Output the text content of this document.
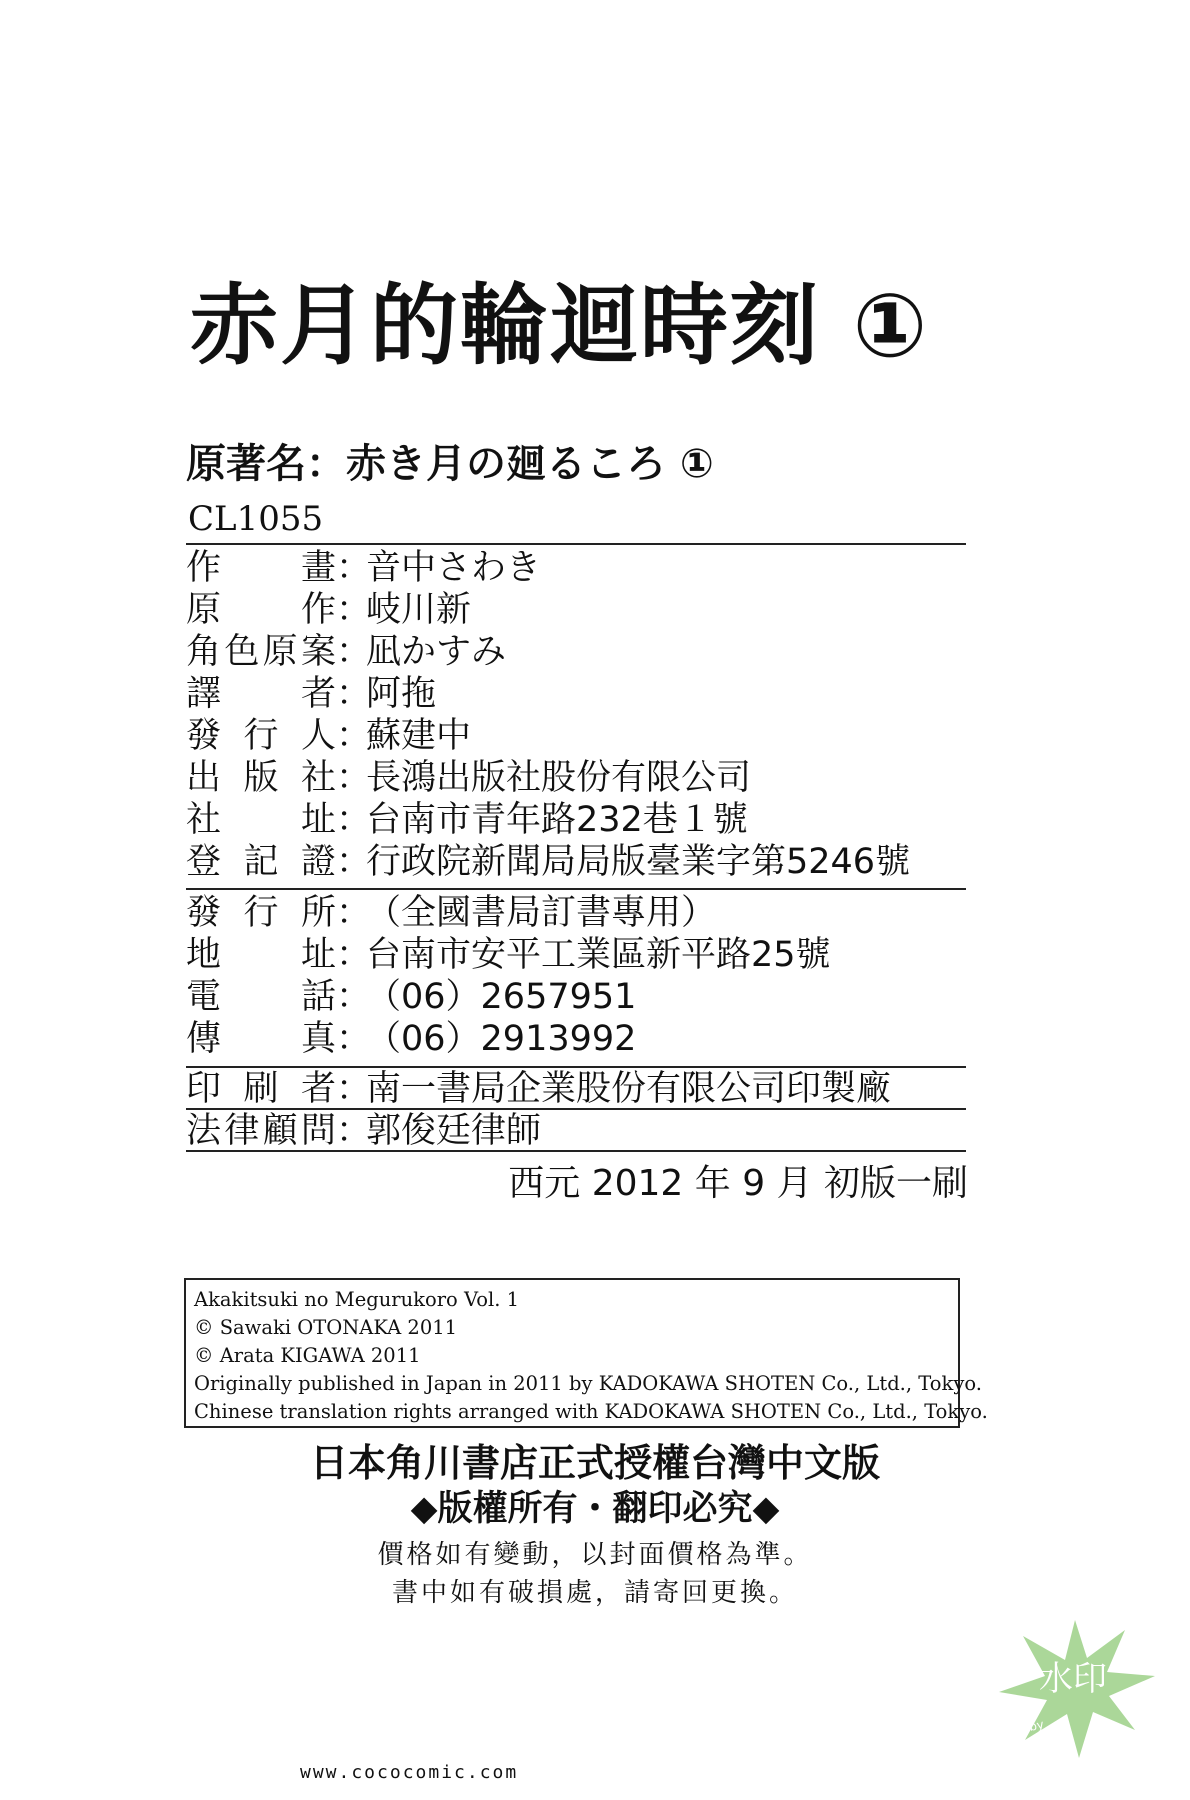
赤月的輪迴時刻 ①
原著名：赤き月の廻るころ ①
CL1055
作 畫 ：
音中さわき
原 作 ：
岐川新
角 色 原 案 ：
凪かすみ
譯 者 ：
阿拖
發 行 人 ：
蘇建中
出 版 社 ：
長鴻出版社股份有限公司
社 址 ：
台南市青年路232巷１號
登 記 證 ：
行政院新聞局局版臺業字第5246號
發 行 所 ：
（全國書局訂書專用）
地 址 ：
台南市安平工業區新平路25號
電 話 ：
（06）2657951
傳 真 ：
（06）2913992
印 刷 者 ：
南一書局企業股份有限公司印製廠
法 律 顧 問 ：
郭俊廷律師
西元 2012 年 9 月 初版一刷
Akakitsuki no Megurukoro Vol. 1
© Sawaki OTONAKA 2011
© Arata KIGAWA 2011
Originally published in Japan in 2011 by KADOKAWA SHOTEN Co., Ltd., Tokyo.
Chinese translation rights arranged with KADOKAWA SHOTEN Co., Ltd., Tokyo.
日本角川書店正式授權台灣中文版
◆版權所有・翻印必究◆
價格如有變動，以封面價格為準。
書中如有破損處，請寄回更換。
www.cococomic.com
水印
Scan by
